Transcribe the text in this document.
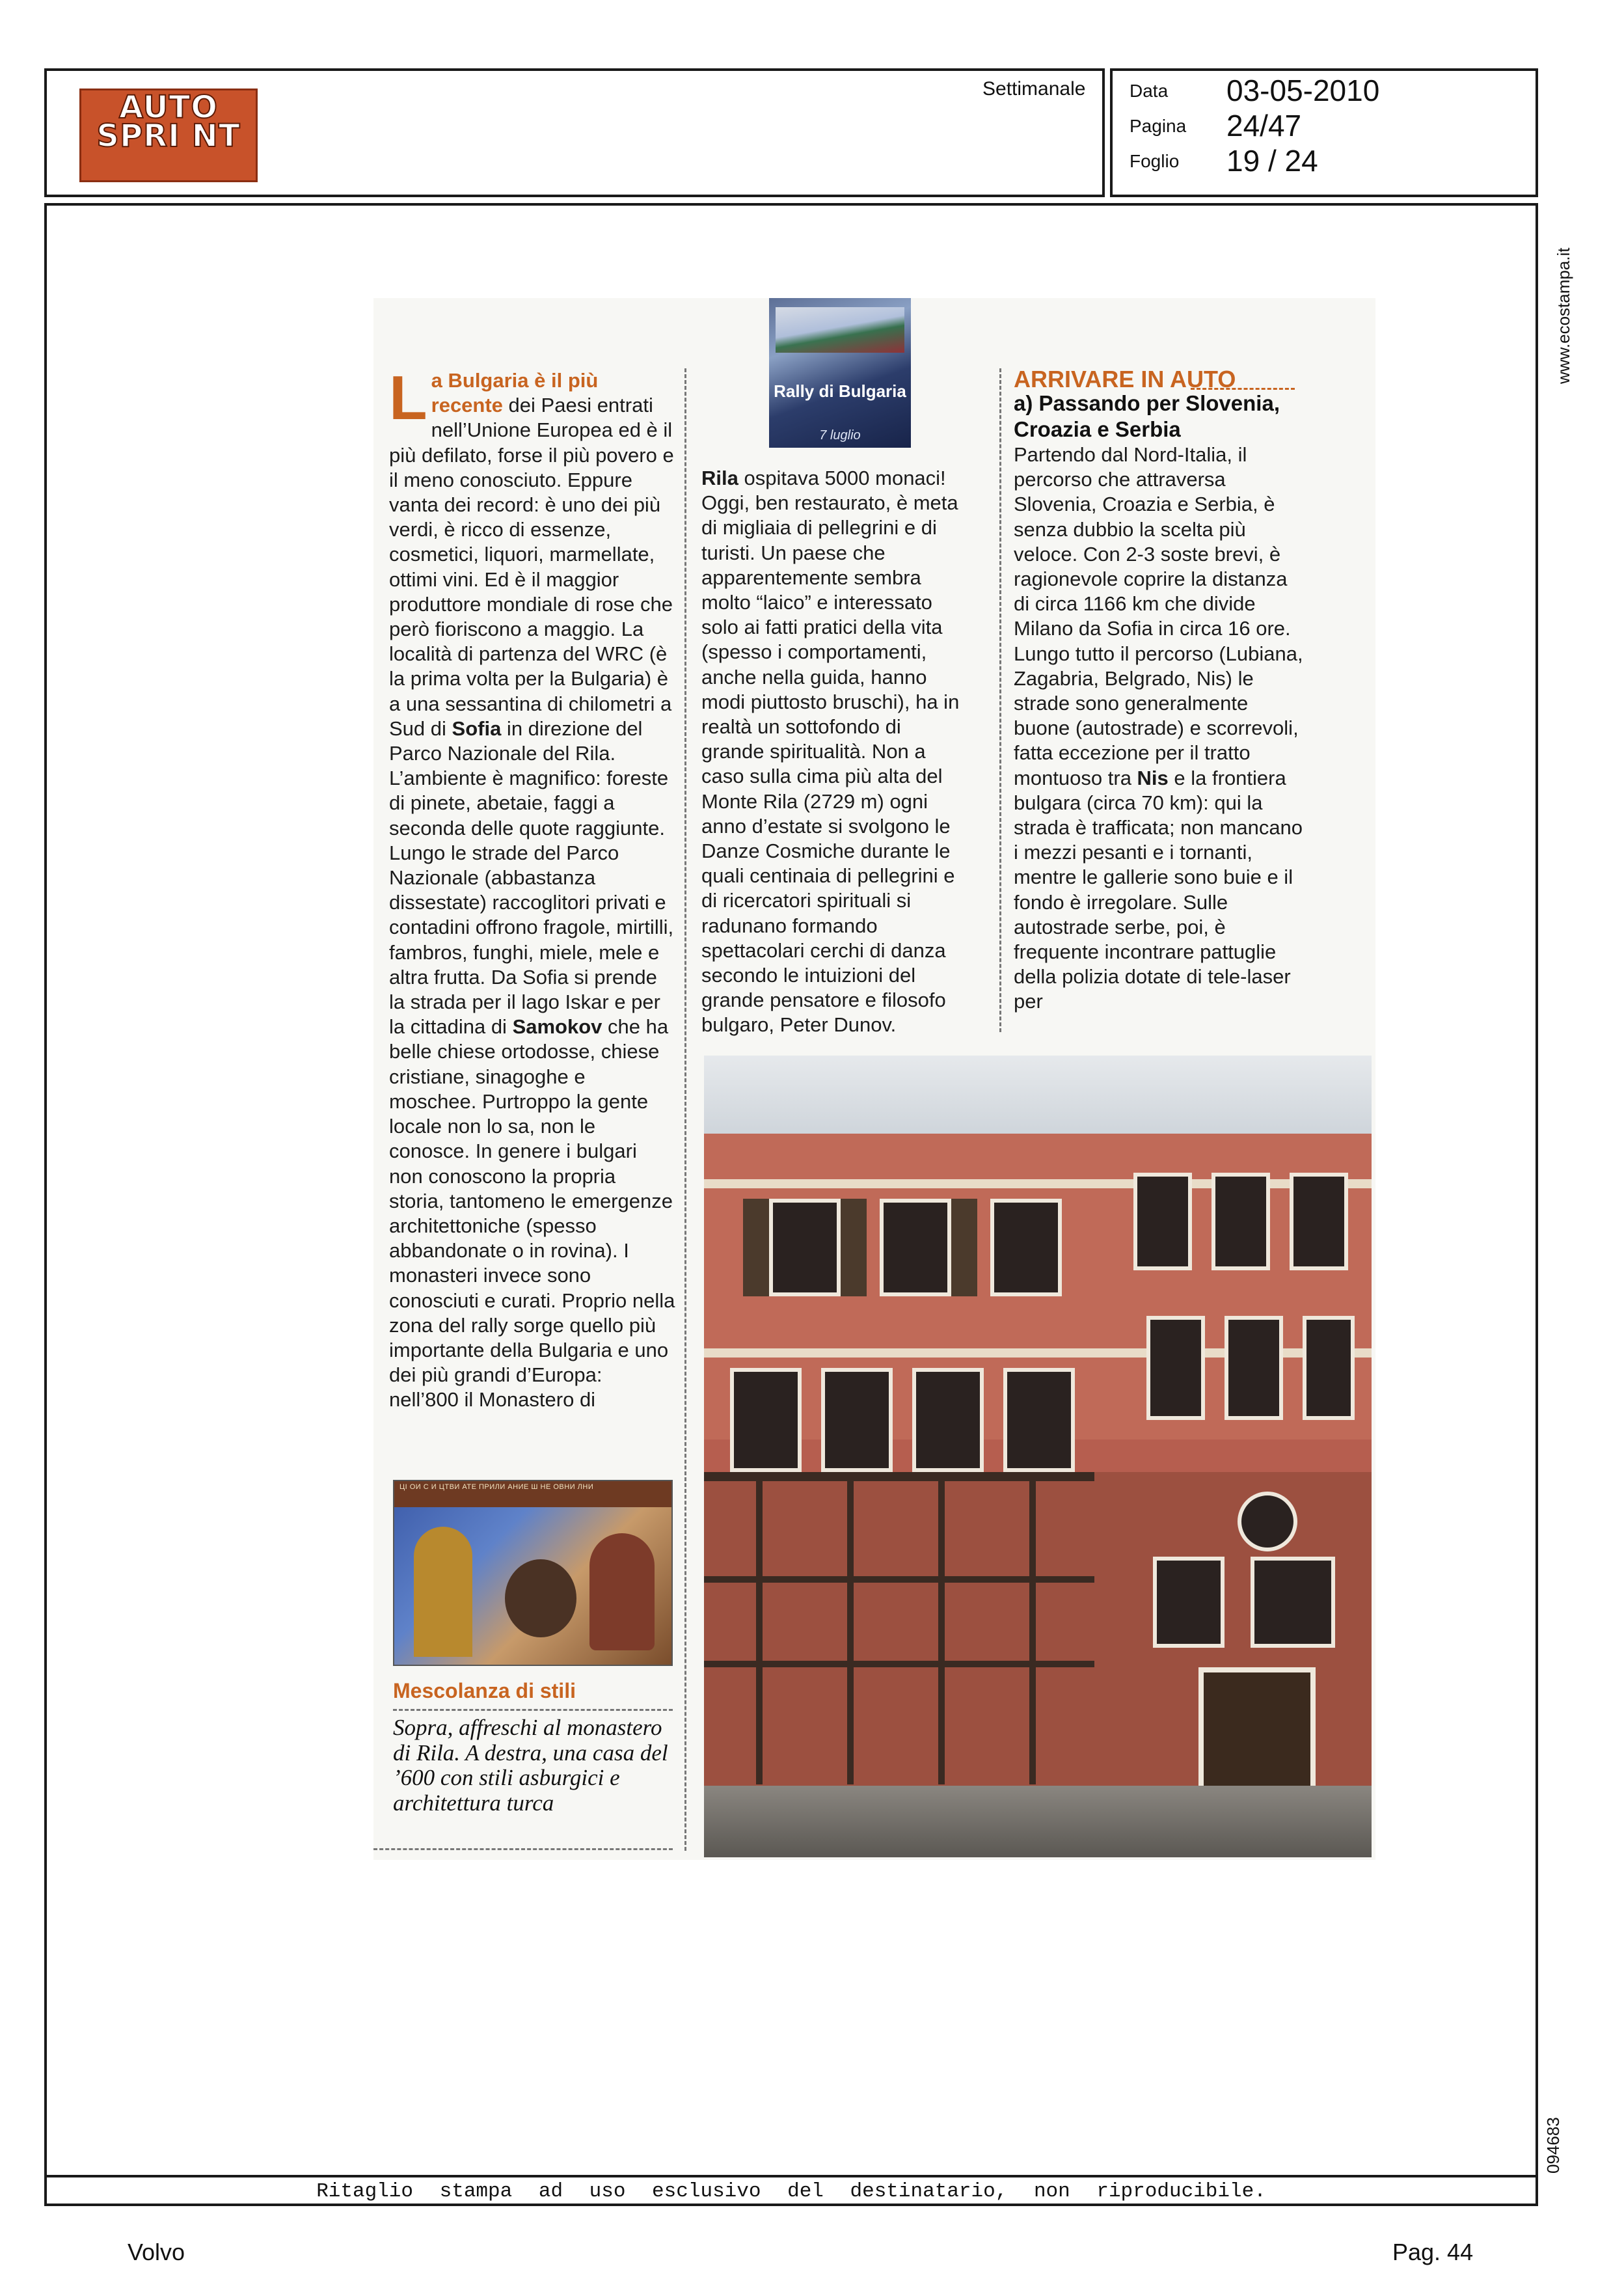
AUTO SPRI NT
Settimanale Data 03-05-2010
Pagina 24/47
Foglio 19 / 24
www.ecostampa.it
094683
Rally di Bulgaria
7 luglio
La Bulgaria è il più recente dei Paesi entrati nell’Unione Europea ed è il più defilato, forse il più povero e il meno conosciuto. Eppure vanta dei record: è uno dei più verdi, è ricco di essenze, cosmetici, liquori, marmellate, ottimi vini. Ed è il maggior produttore mondiale di rose che però fioriscono a maggio. La località di partenza del WRC (è la prima volta per la Bulgaria) è a una sessantina di chilometri a Sud di Sofia in direzione del Parco Nazionale del Rila. L’ambiente è magnifico: foreste di pinete, abetaie, faggi a seconda delle quote raggiunte. Lungo le strade del Parco Nazionale (abbastanza dissestate) raccoglitori privati e contadini offrono fragole, mirtilli, fambros, funghi, miele, mele e altra frutta. Da Sofia si prende la strada per il lago Iskar e per la cittadina di Samokov che ha belle chiese ortodosse, chiese cristiane, sinagoghe e moschee. Purtroppo la gente locale non lo sa, non le conosce. In genere i bulgari non conoscono la propria storia, tantomeno le emergenze architettoniche (spesso abbandonate o in rovina). I monasteri invece sono conosciuti e curati. Proprio nella zona del rally sorge quello più importante della Bulgaria e uno dei più grandi d’Europa: nell’800 il Monastero di
Rila ospitava 5000 monaci! Oggi, ben restaurato, è meta di migliaia di pellegrini e di turisti. Un paese che apparentemente sembra molto “laico” e interessato solo ai fatti pratici della vita (spesso i comportamenti, anche nella guida, hanno modi piuttosto bruschi), ha in realtà un sottofondo di grande spiritualità. Non a caso sulla cima più alta del Monte Rila (2729 m) ogni anno d’estate si svolgono le Danze Cosmiche durante le quali centinaia di pellegrini e di ricercatori spirituali si radunano formando spettacolari cerchi di danza secondo le intuizioni del grande pensatore e filosofo bulgaro, Peter Dunov.
ARRIVARE IN AUTO
a) Passando per Slovenia, Croazia e Serbia
Partendo dal Nord-Italia, il percorso che attraversa Slovenia, Croazia e Serbia, è senza dubbio la scelta più veloce. Con 2-3 soste brevi, è ragionevole coprire la distanza di circa 1166 km che divide Milano da Sofia in circa 16 ore. Lungo tutto il percorso (Lubiana, Zagabria, Belgrado, Nis) le strade sono generalmente buone (autostrade) e scorrevoli, fatta eccezione per il tratto montuoso tra Nis e la frontiera bulgara (circa 70 km): qui la strada è trafficata; non mancano i mezzi pesanti e i tornanti, mentre le gallerie sono buie e il fondo è irregolare. Sulle autostrade serbe, poi, è frequente incontrare pattuglie della polizia dotate di tele-laser per
ЦІ ОИ С И ЦТВИ АТЕ ПРИЛИ АНИЕ Ш НЕ ОВНИ ЛНИ
Mescolanza di stili
Sopra, affreschi al monastero di Rila. A destra, una casa del ’600 con stili asburgici e architettura turca
Ritaglio stampa ad uso esclusivo del destinatario, non riproducibile.
Volvo	Pag. 44
